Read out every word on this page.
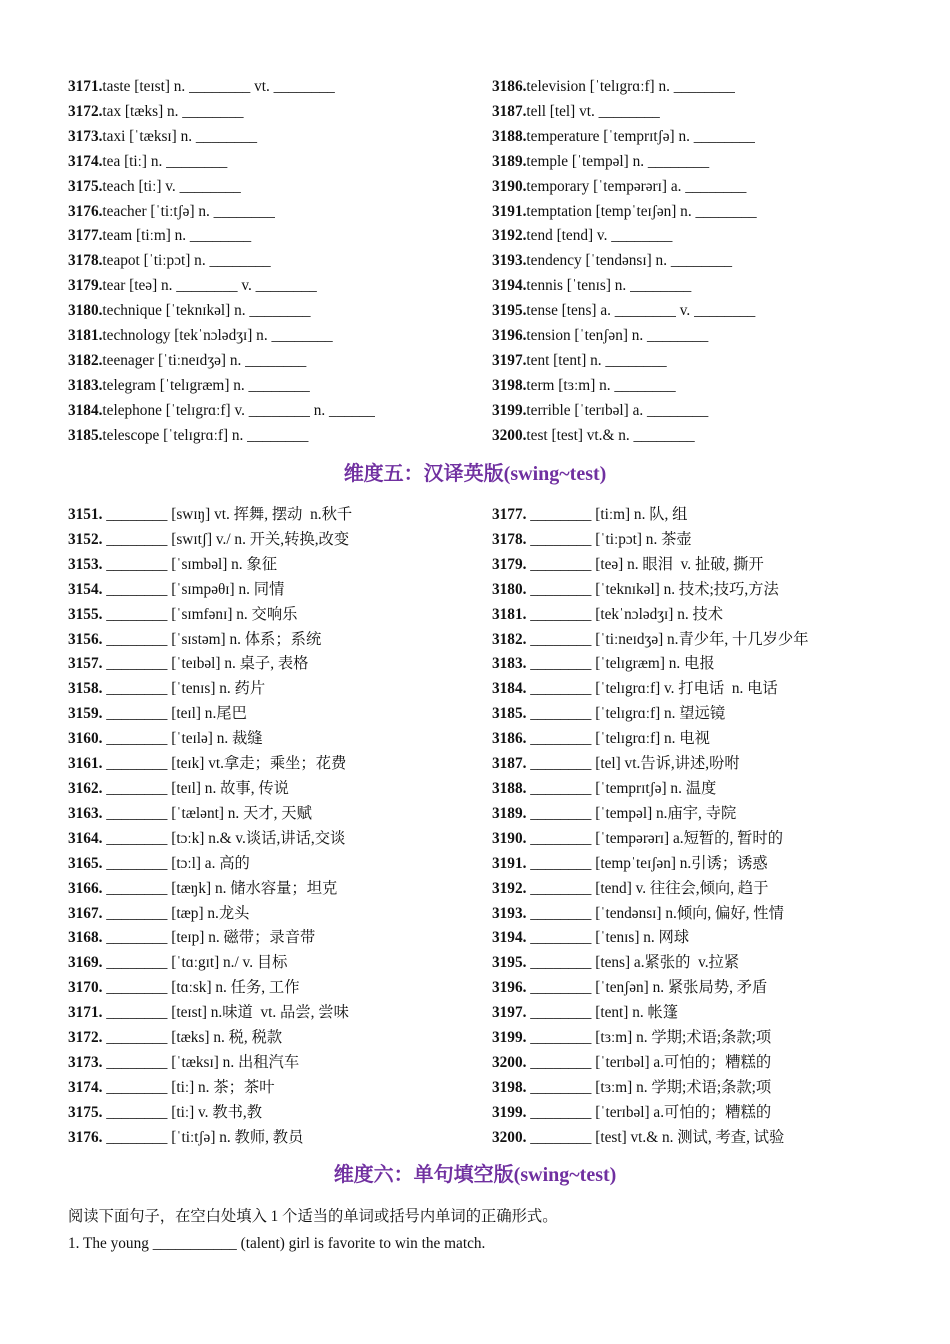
3171.taste [teɪst] n. ________ vt. ________	3186.television [ˈtelɪgrɑːf] n. ________
3172.tax [tæks] n. ________	3187.tell [tel] vt. ________
3173.taxi [ˈtæksɪ] n. ________	3188.temperature [ˈtemprɪtʃə] n. ________
3174.tea [tiː] n. ________	3189.temple [ˈtempəl] n. ________
3175.teach [tiː] v. ________	3190.temporary [ˈtempərərɪ] a. ________
3176.teacher [ˈtiːtʃə] n. ________	3191.temptation [tempˈteɪʃən] n. ________
3177.team [tiːm] n. ________	3192.tend [tend] v. ________
3178.teapot [ˈtiːpɔt] n. ________	3193.tendency [ˈtendənsɪ] n. ________
3179.tear [teə] n. ________ v. ________	3194.tennis [ˈtenɪs] n. ________
3180.technique [ˈteknɪkəl] n. ________	3195.tense [tens] a. ________ v. ________
3181.technology [tekˈnɔlədʒɪ] n. ________	3196.tension [ˈtenʃən] n. ________
3182.teenager [ˈtiːneɪdʒə] n. ________	3197.tent [tent] n. ________
3183.telegram [ˈtelɪgræm] n. ________	3198.term [tɜːm] n. ________
3184.telephone [ˈtelɪgrɑːf] v. ________ n. ______	3199.terrible [ˈterɪbəl] a. ________
3185.telescope [ˈtelɪgrɑːf] n. ________	3200.test [test] vt.& n. ________
维度五：汉译英版(swing~test)
3151. ________ [swɪŋ] vt. 挥舞, 摆动  n.秋千	3177. ________ [tiːm] n. 队, 组
3152. ________ [swɪtʃ] v./ n. 开关,转换,改变	3178. ________ [ˈtiːpɔt] n. 茶壶
3153. ________ [ˈsɪmbəl] n. 象征	3179. ________ [teə] n. 眼泪  v. 扯破, 撕开
3154. ________ [ˈsɪmpəθɪ] n. 同情	3180. ________ [ˈteknɪkəl] n. 技术;技巧,方法
3155. ________ [ˈsɪmfənɪ] n. 交响乐	3181. ________ [tekˈnɔlədʒɪ] n. 技术
3156. ________ [ˈsɪstəm] n. 体系；系统	3182. ________ [ˈtiːneɪdʒə] n.青少年, 十几岁少年
3157. ________ [ˈteɪbəl] n. 桌子, 表格	3183. ________ [ˈtelɪgræm] n. 电报
3158. ________ [ˈtenɪs] n. 药片	3184. ________ [ˈtelɪgrɑːf] v. 打电话  n. 电话
3159. ________ [teɪl] n.尾巴	3185. ________ [ˈtelɪgrɑːf] n. 望远镜
3160. ________ [ˈteɪlə] n. 裁缝	3186. ________ [ˈtelɪgrɑːf] n. 电视
3161. ________ [teɪk] vt.拿走；乘坐；花费	3187. ________ [tel] vt.告诉,讲述,吩咐
3162. ________ [teɪl] n. 故事, 传说	3188. ________ [ˈtemprɪtʃə] n. 温度
3163. ________ [ˈtælənt] n. 天才, 天赋	3189. ________ [ˈtempəl] n.庙宇, 寺院
3164. ________ [tɔːk] n.& v.谈话,讲话,交谈	3190. ________ [ˈtempərərɪ] a.短暂的, 暂时的
3165. ________ [tɔːl] a. 高的	3191. ________ [tempˈteɪʃən] n.引诱；诱惑
3166. ________ [tæŋk] n. 储水容量；坦克	3192. ________ [tend] v. 往往会,倾向, 趋于
3167. ________ [tæp] n.龙头	3193. ________ [ˈtendənsɪ] n.倾向, 偏好, 性情
3168. ________ [teɪp] n. 磁带；录音带	3194. ________ [ˈtenɪs] n. 网球
3169. ________ [ˈtɑːgɪt] n./ v. 目标	3195. ________ [tens] a.紧张的  v.拉紧
3170. ________ [tɑːsk] n. 任务, 工作	3196. ________ [ˈtenʃən] n. 紧张局势, 矛盾
3171. ________ [teɪst] n.味道  vt. 品尝, 尝味	3197. ________ [tent] n. 帐篷
3172. ________ [tæks] n. 税, 税款	3199. ________ [tɜːm] n. 学期;术语;条款;项
3173. ________ [ˈtæksɪ] n. 出租汽车	3200. ________ [ˈterɪbəl] a.可怕的；糟糕的
3174. ________ [tiː] n. 茶；茶叶	3198. ________ [tɜːm] n. 学期;术语;条款;项
3175. ________ [tiː] v. 教书,教	3199. ________ [ˈterɪbəl] a.可怕的；糟糕的
3176. ________ [ˈtiːtʃə] n. 教师, 教员	3200. ________ [test] vt.& n. 测试, 考查, 试验
维度六：单句填空版(swing~test)
阅读下面句子，在空白处填入 1 个适当的单词或括号内单词的正确形式。
1. The young ___________ (talent) girl is favorite to win the match.
